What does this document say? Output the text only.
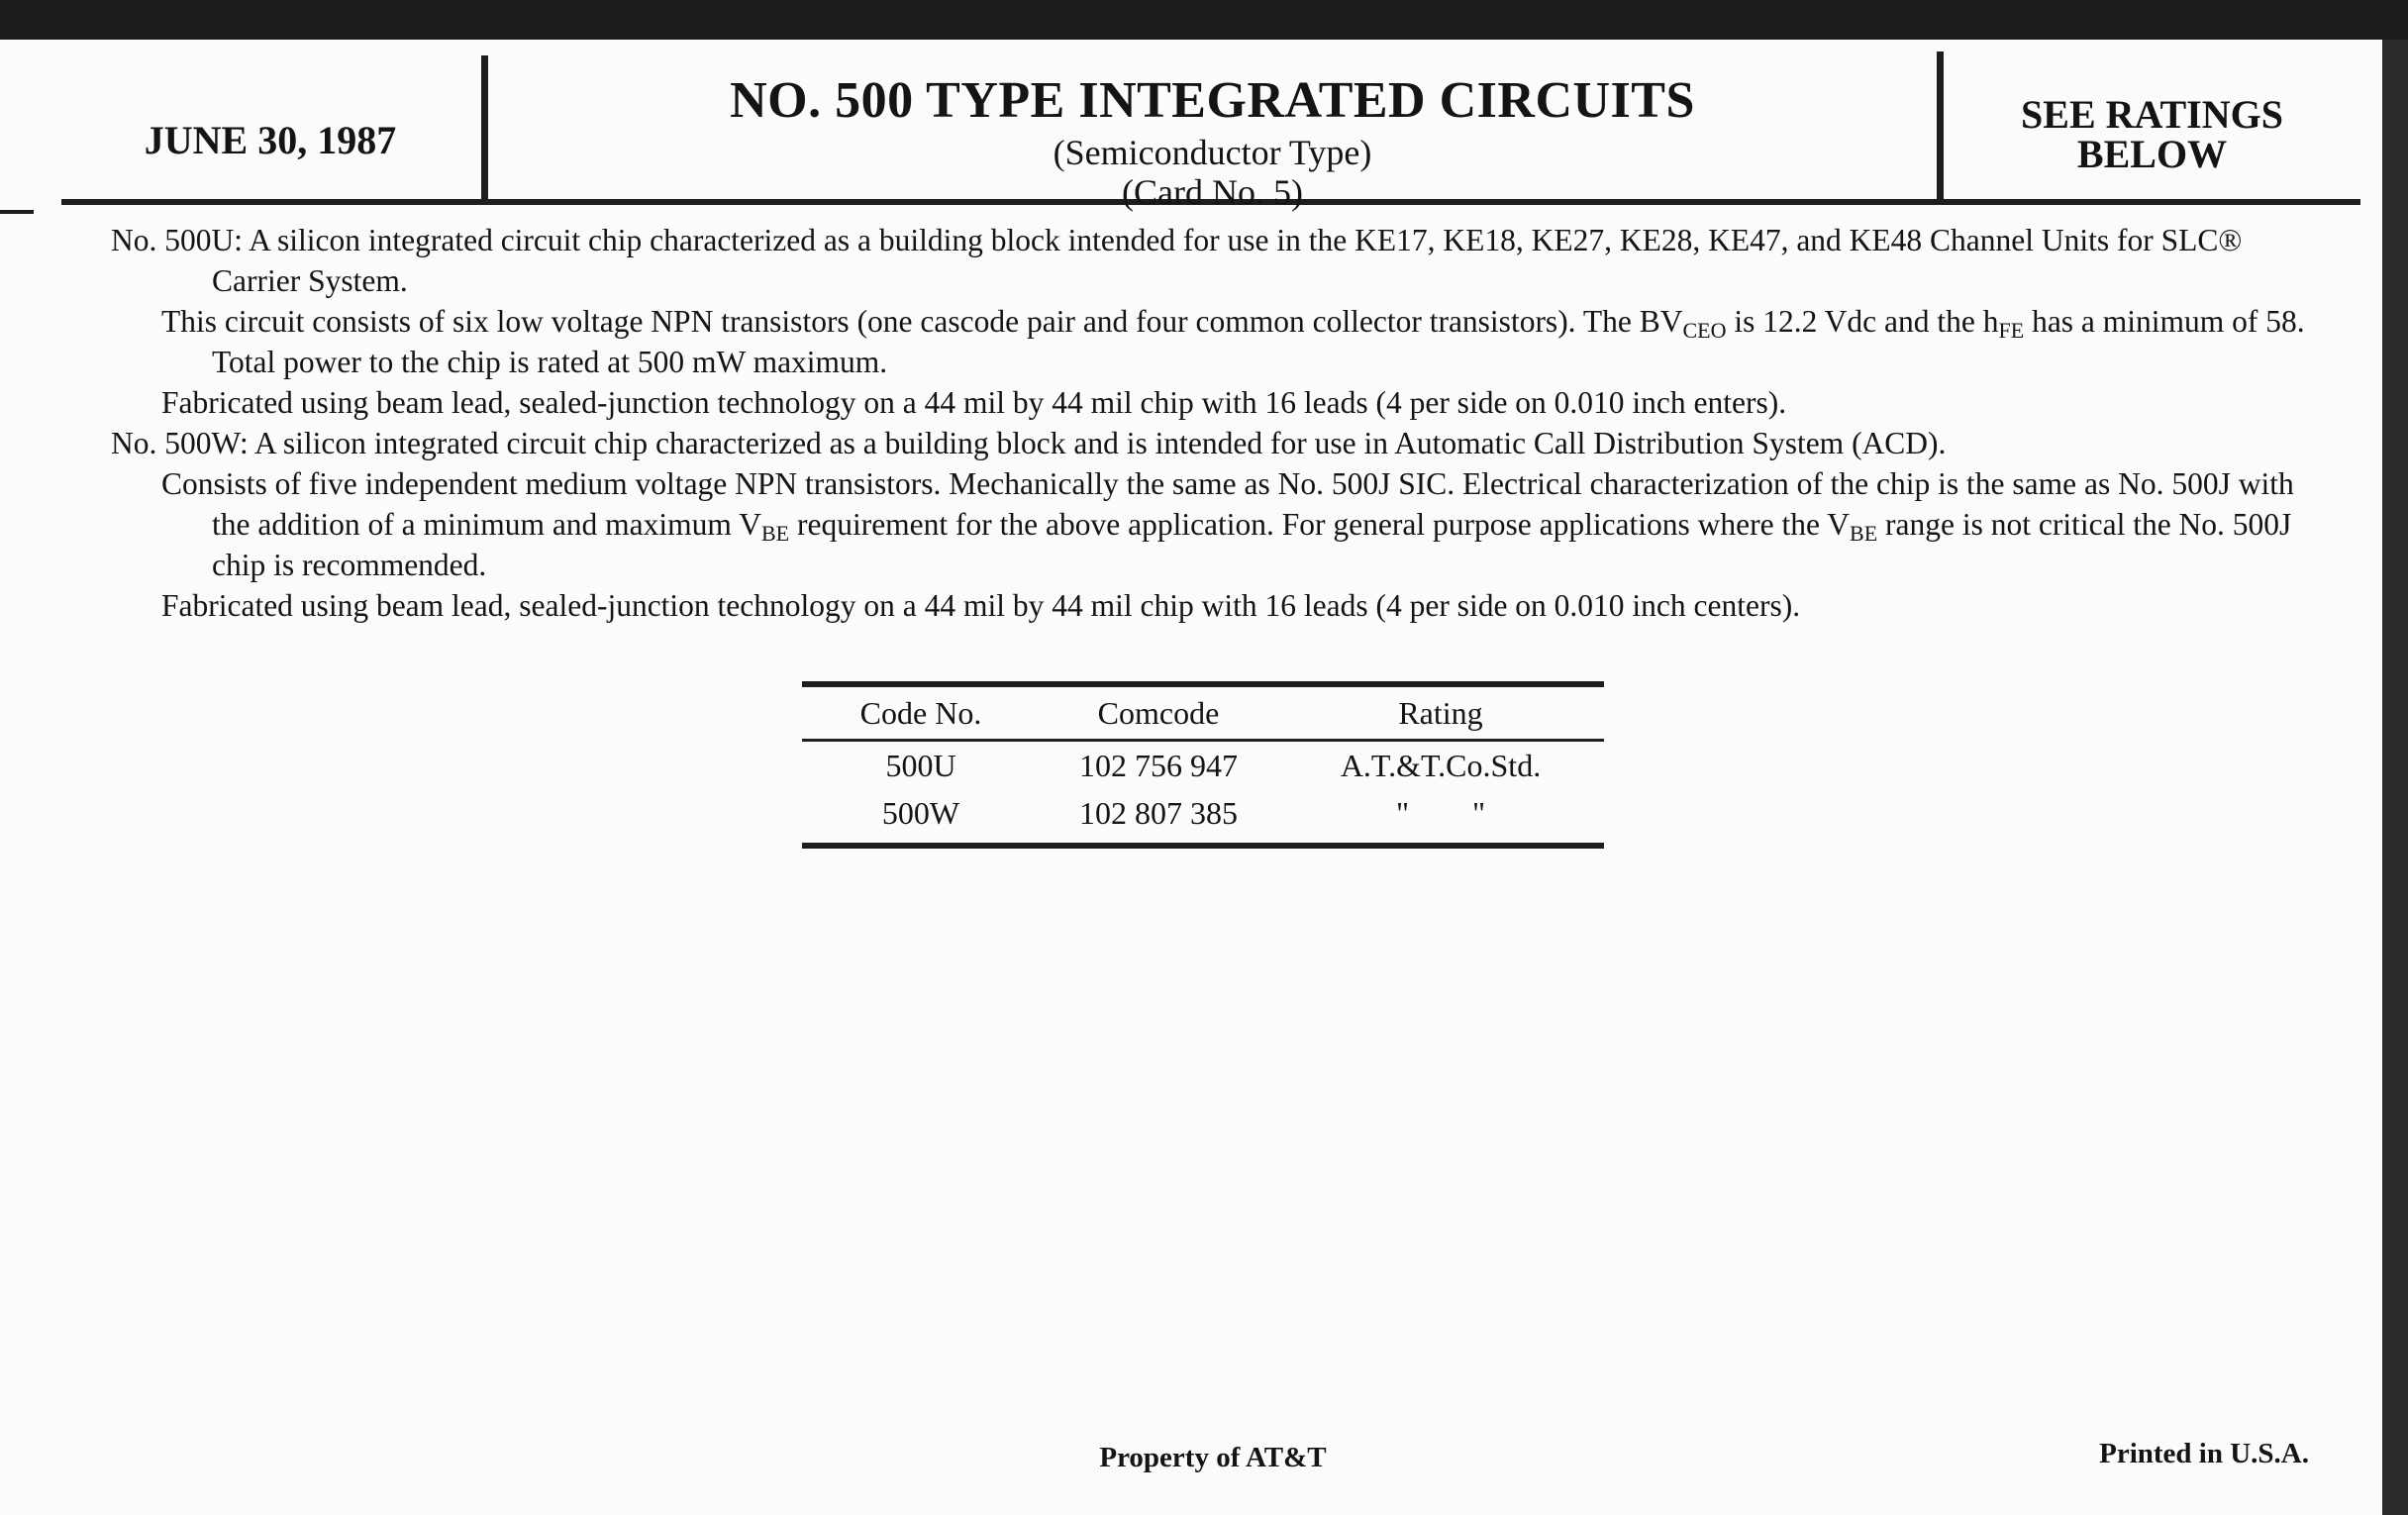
JUNE 30, 1987
NO. 500 TYPE INTEGRATED CIRCUITS
(Semiconductor Type)
(Card No. 5)
SEE RATINGS
BELOW

No. 500U: A silicon integrated circuit chip characterized as a building block intended for use in the KE17, KE18, KE27, KE28, KE47, and KE48 Channel Units for SLC® Carrier System.

This circuit consists of six low voltage NPN transistors (one cascode pair and four common collector transistors). The $BV_{CEO}$ is 12.2 Vdc and the $h_{FE}$ has a minimum of 58. Total power to the chip is rated at 500 mW maximum.

Fabricated using beam lead, sealed-junction technology on a 44 mil by 44 mil chip with 16 leads (4 per side on 0.010 inch enters).

No. 500W: A silicon integrated circuit chip characterized as a building block and is intended for use in Automatic Call Distribution System (ACD).

Consists of five independent medium voltage NPN transistors. Mechanically the same as No. 500J SIC. Electrical characterization of the chip is the same as No. 500J with the addition of a minimum and maximum $V_{BE}$ requirement for the above application. For general purpose applications where the $V_{BE}$ range is not critical the No. 500J chip is recommended.

Fabricated using beam lead, sealed-junction technology on a 44 mil by 44 mil chip with 16 leads (4 per side on 0.010 inch centers).

Code No.	Comcode	Rating
500U	102 756 947	A.T.&T.Co.Std.
500W	102 807 385	"        "
Property of AT&T	Printed in U.S.A.
